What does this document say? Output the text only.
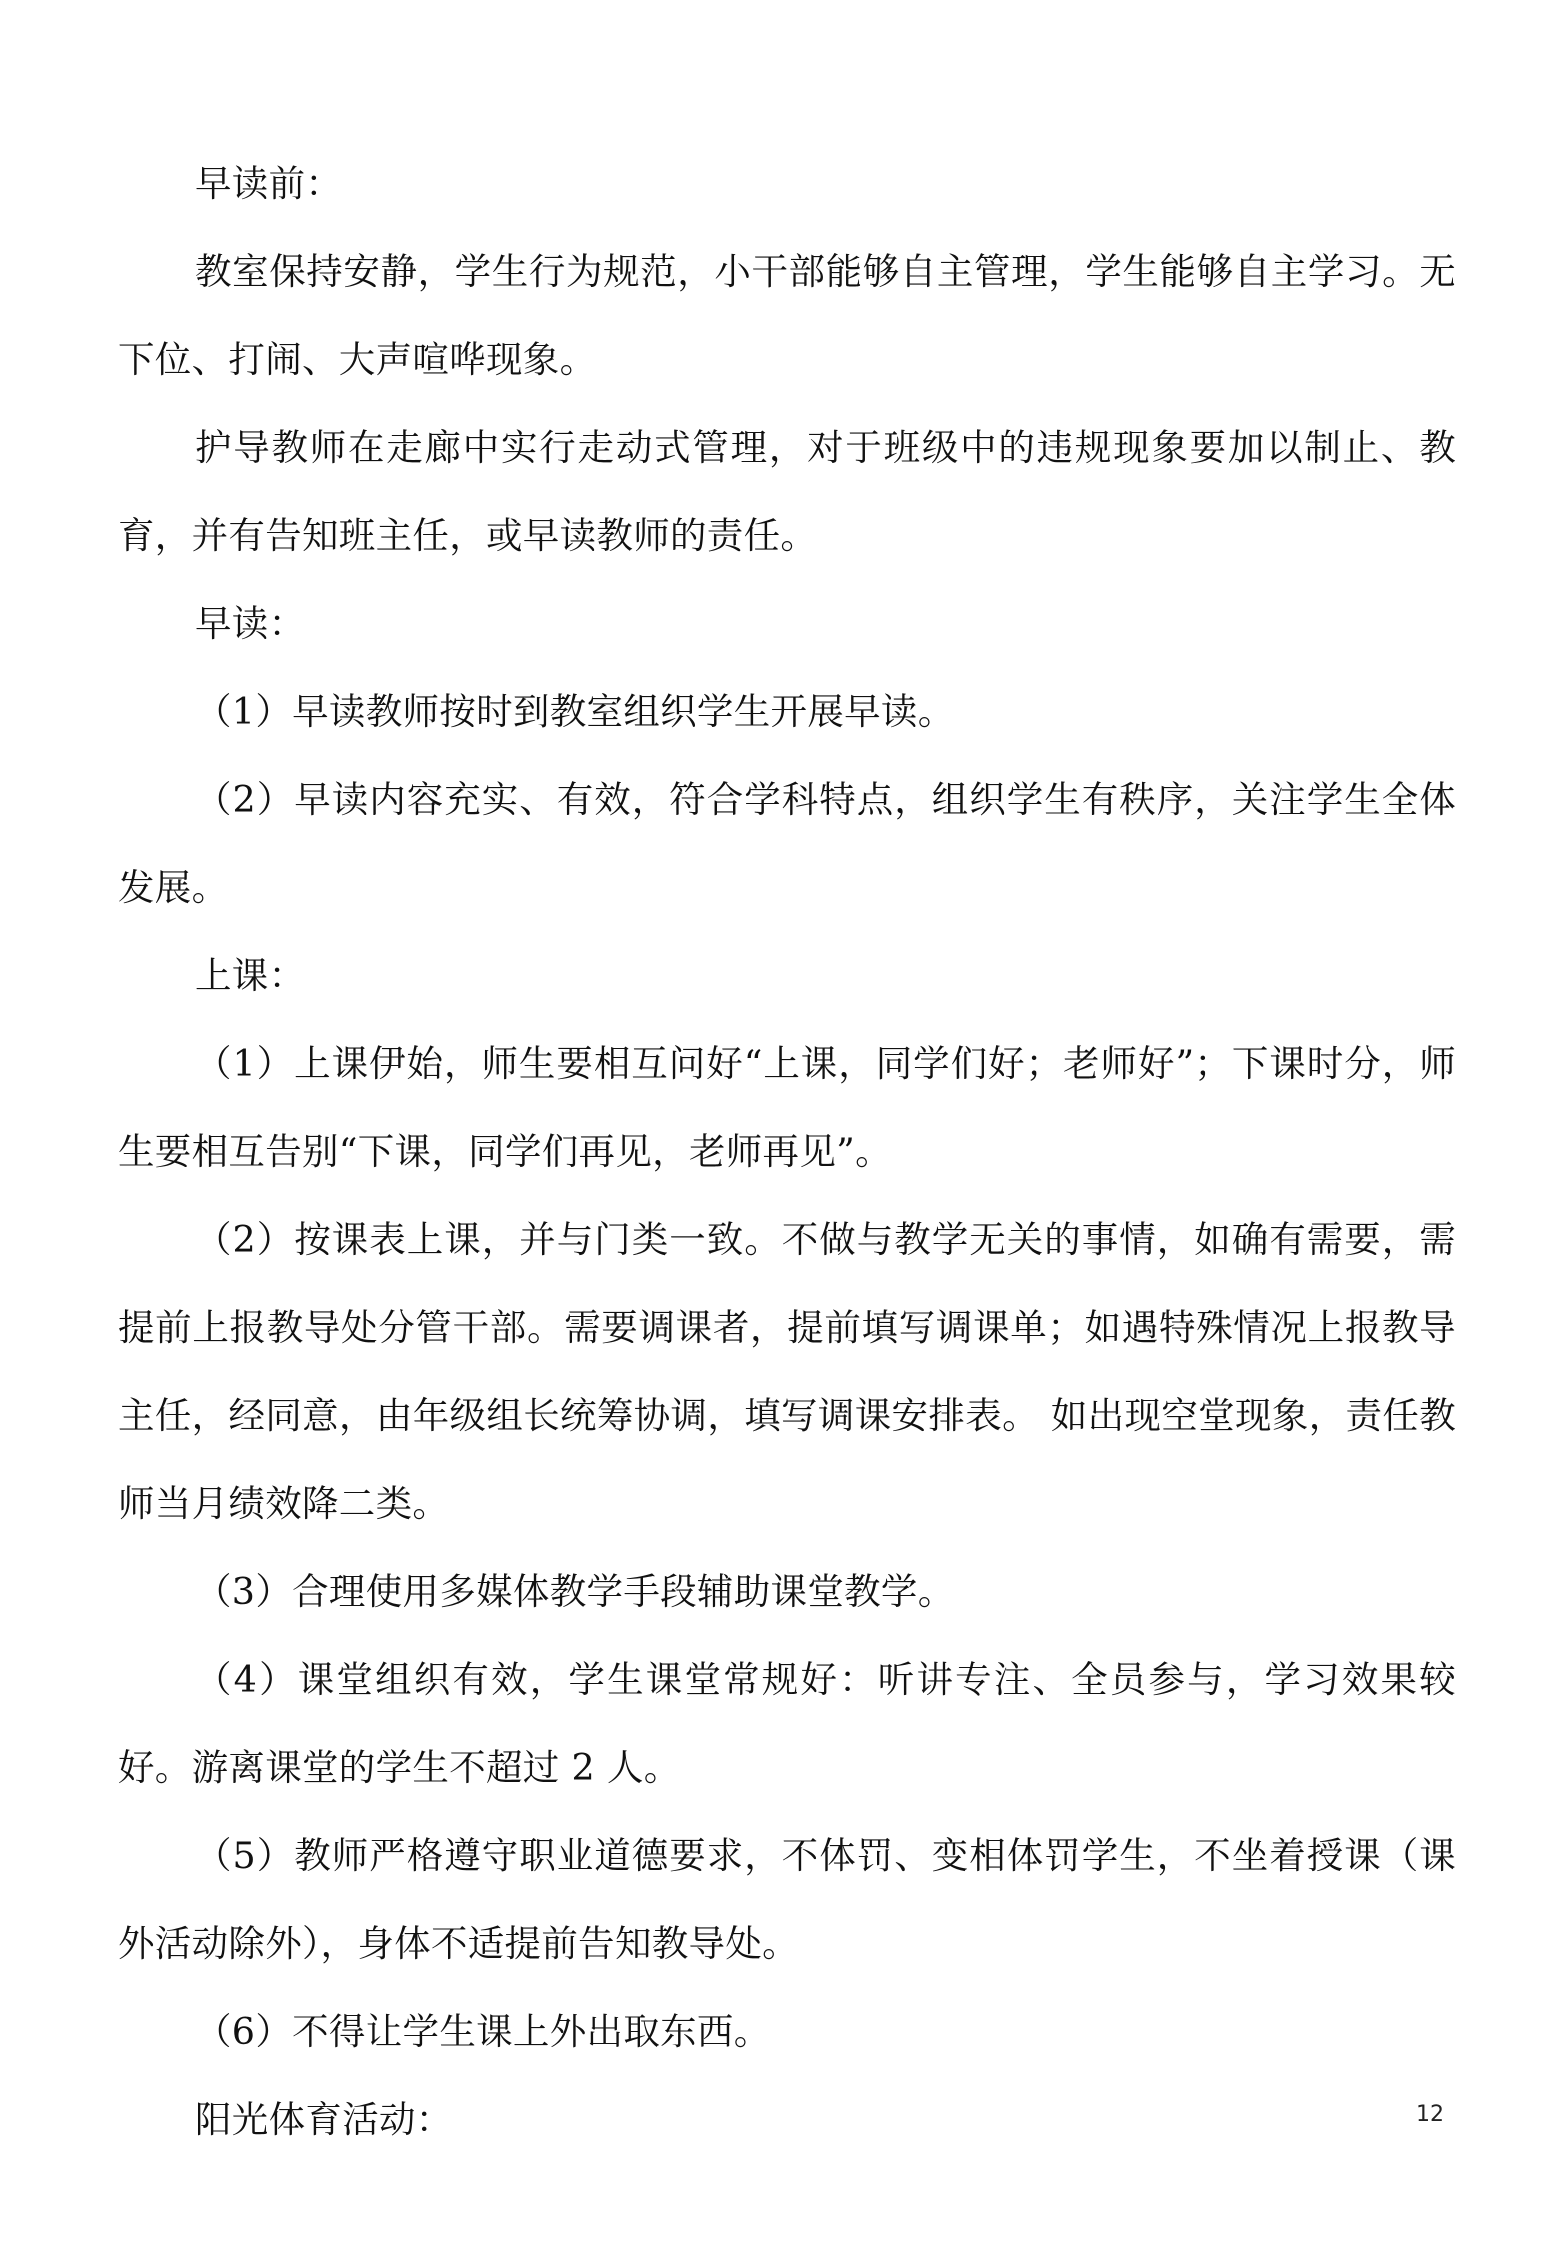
早读前：

教室保持安静，学生行为规范，小干部能够自主管理，学生能够自主学习。无下位、打闹、大声喧哗现象。

护导教师在走廊中实行走动式管理，对于班级中的违规现象要加以制止、教育，并有告知班主任，或早读教师的责任。

早读：

（1）早读教师按时到教室组织学生开展早读。

（2）早读内容充实、有效，符合学科特点，组织学生有秩序，关注学生全体发展。

上课：

（1）上课伊始，师生要相互问好“上课，同学们好；老师好”；下课时分，师生要相互告别“下课，同学们再见，老师再见”。

（2）按课表上课，并与门类一致。不做与教学无关的事情，如确有需要，需提前上报教导处分管干部。需要调课者，提前填写调课单；如遇特殊情况上报教导主任，经同意，由年级组长统筹协调，填写调课安排表。 如出现空堂现象，责任教师当月绩效降二类。

（3）合理使用多媒体教学手段辅助课堂教学。

（4）课堂组织有效，学生课堂常规好：听讲专注、全员参与，学习效果较好。游离课堂的学生不超过 2 人。

（5）教师严格遵守职业道德要求，不体罚、变相体罚学生，不坐着授课（课外活动除外），身体不适提前告知教导处。

（6）不得让学生课上外出取东西。

阳光体育活动：	12
